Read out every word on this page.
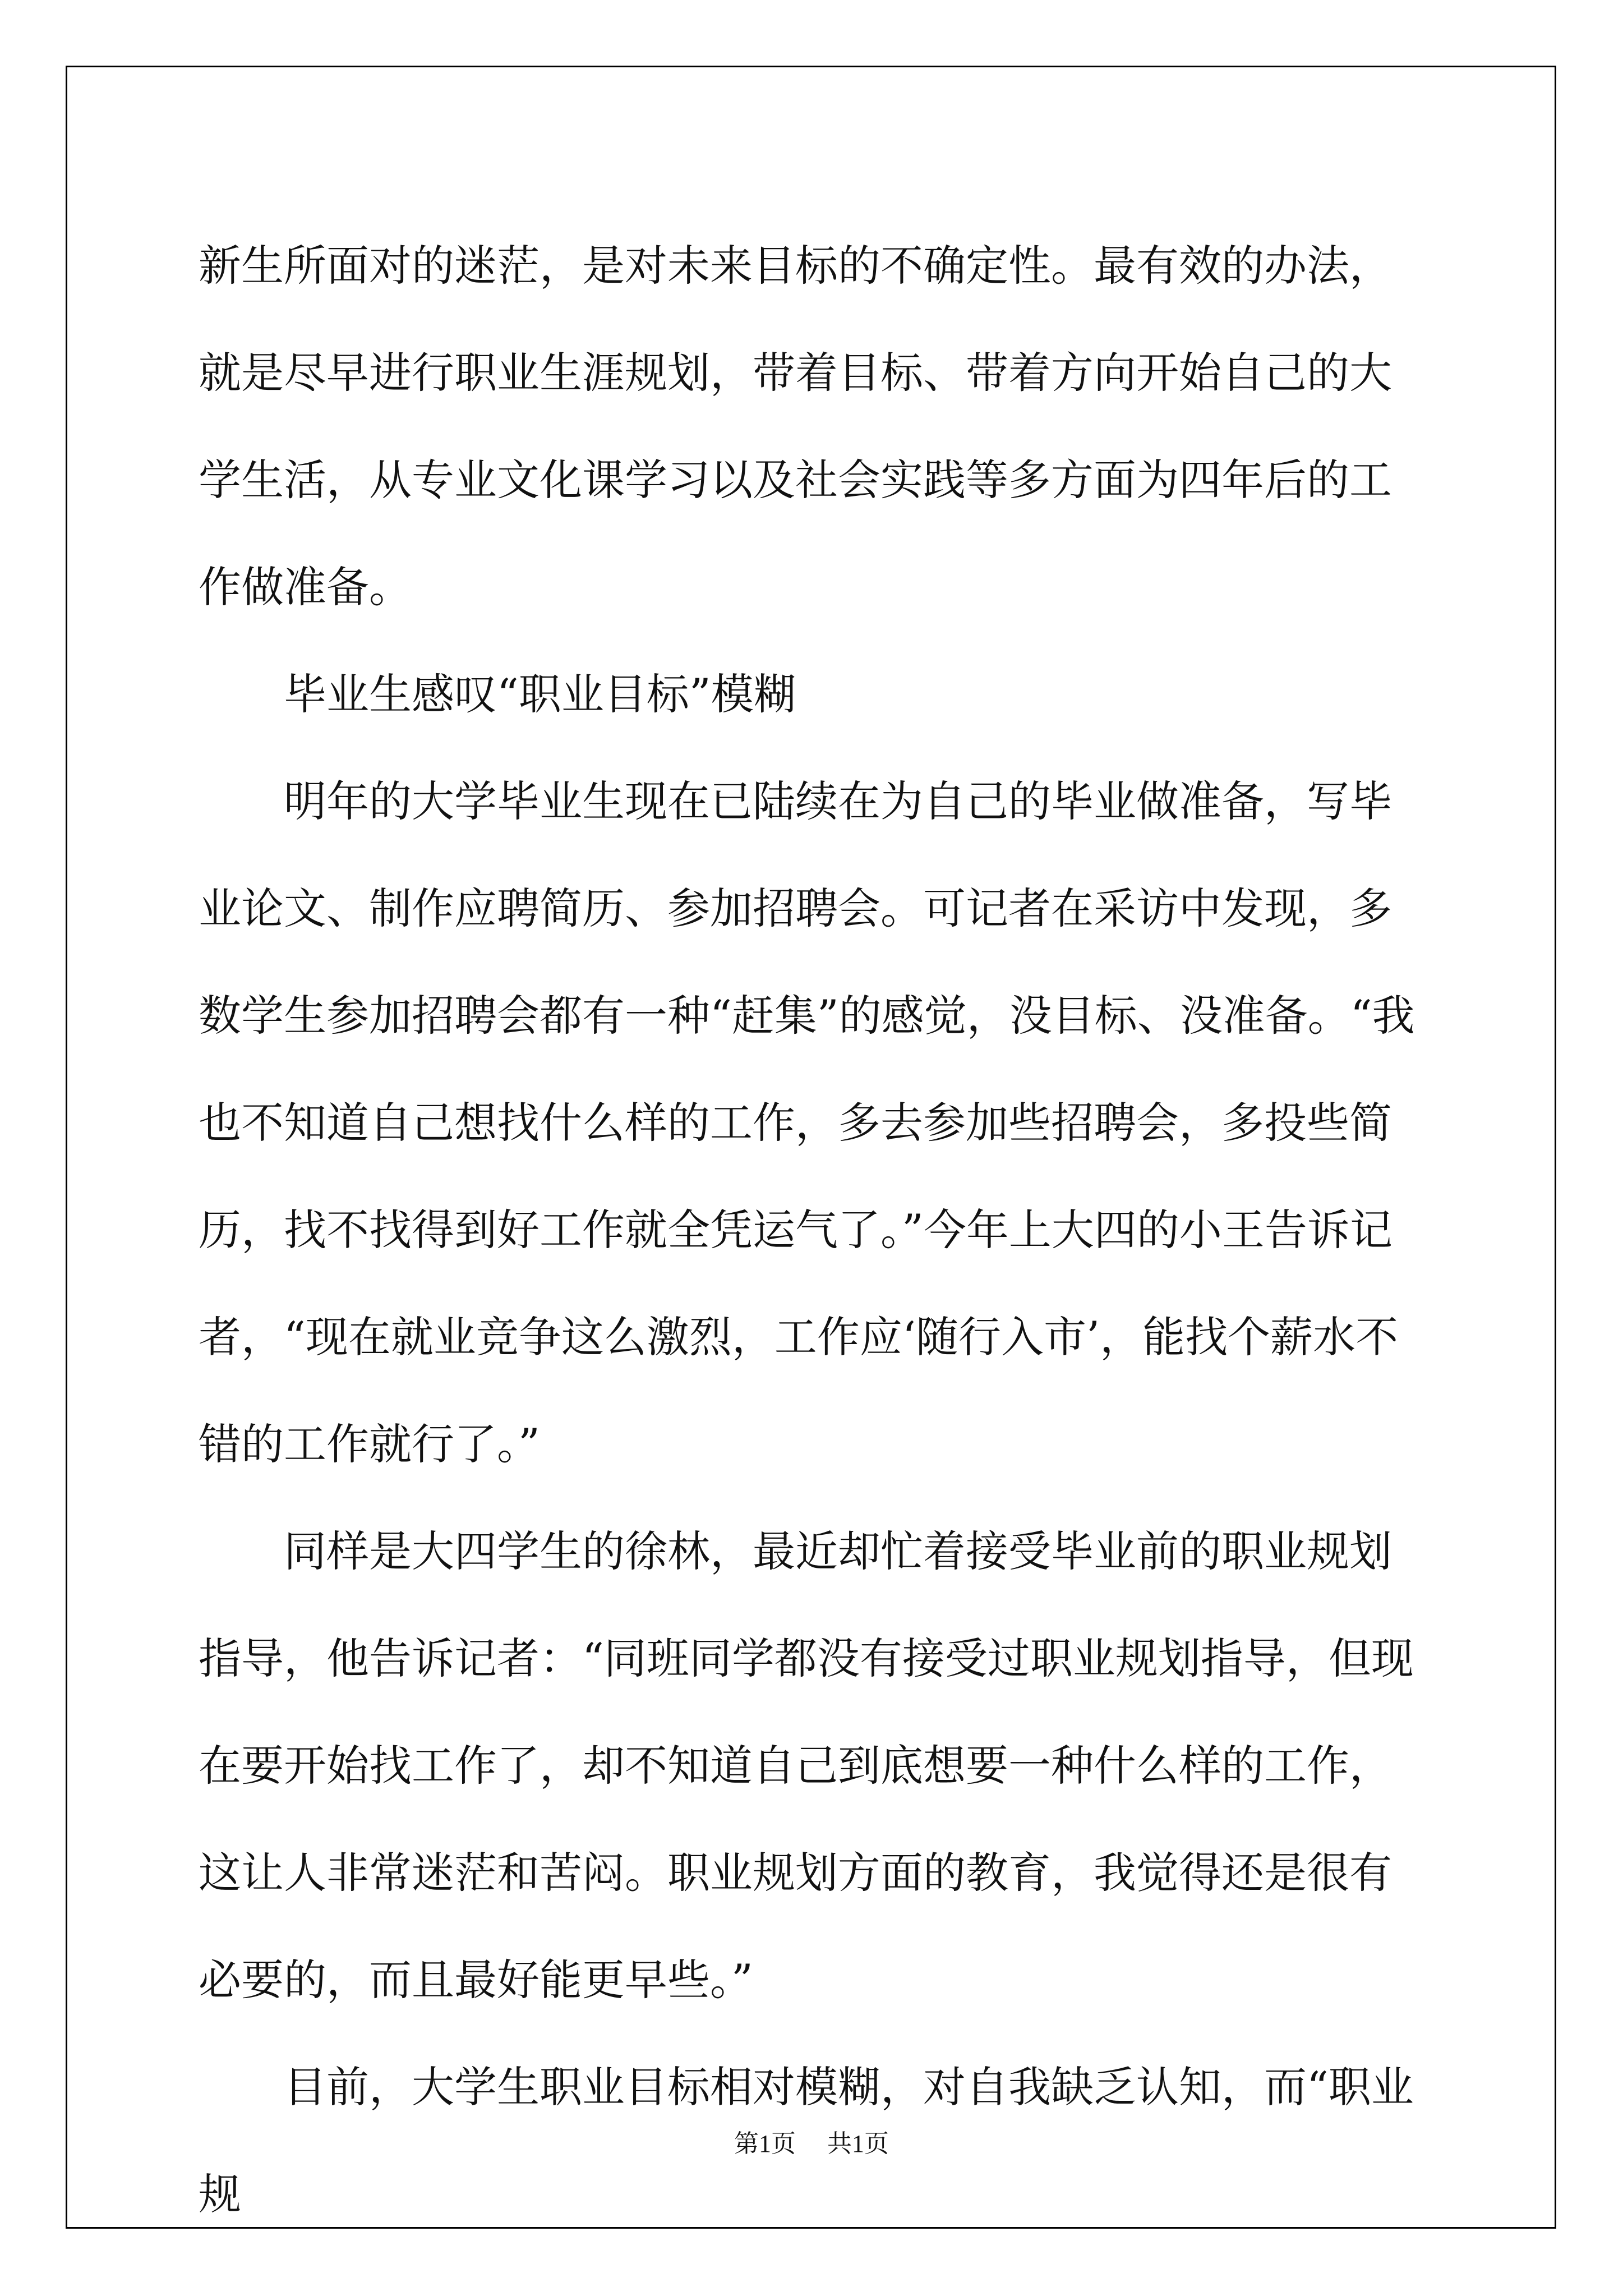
新生所面对的迷茫，是对未来目标的不确定性。最有效的办法，就是尽早进行职业生涯规划，带着目标、带着方向开始自己的大学生活，从专业文化课学习以及社会实践等多方面为四年后的工作做准备。

毕业生感叹“职业目标”模糊

明年的大学毕业生现在已陆续在为自己的毕业做准备，写毕业论文、制作应聘简历、参加招聘会。可记者在采访中发现，多数学生参加招聘会都有一种“赶集”的感觉，没目标、没准备。“我也不知道自己想找什么样的工作，多去参加些招聘会，多投些简历，找不找得到好工作就全凭运气了。”今年上大四的小王告诉记者，“现在就业竞争这么激烈，工作应‘随行入市’，能找个薪水不错的工作就行了。”

同样是大四学生的徐林，最近却忙着接受毕业前的职业规划指导，他告诉记者：“同班同学都没有接受过职业规划指导，但现在要开始找工作了，却不知道自己到底想要一种什么样的工作，这让人非常迷茫和苦闷。职业规划方面的教育，我觉得还是很有必要的，而且最好能更早些。”

目前，大学生职业目标相对模糊，对自我缺乏认知，而“职业规

第1页 共1页
